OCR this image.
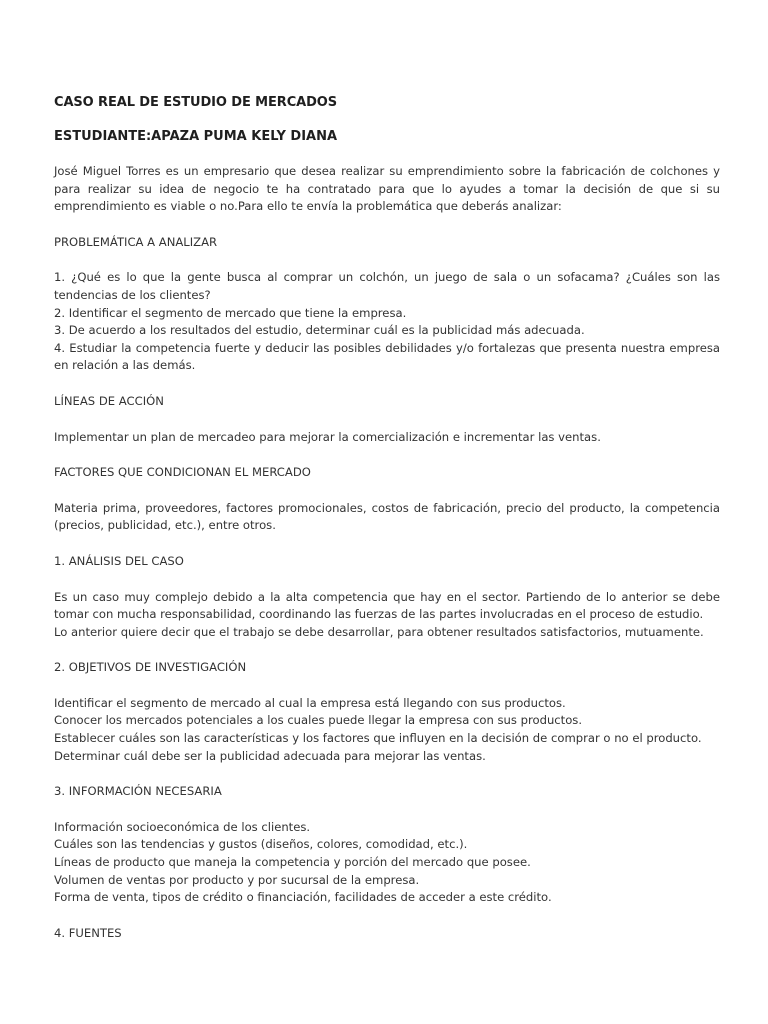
CASO REAL DE ESTUDIO DE MERCADOS
ESTUDIANTE:APAZA PUMA KELY DIANA

José Miguel Torres es un empresario que desea realizar su emprendimiento sobre la fabricación de colchones y para realizar su idea de negocio te ha contratado para que lo ayudes a tomar la decisión de que si su emprendimiento es viable o no.Para ello te envía la problemática que deberás analizar:

PROBLEMÁTICA A ANALIZAR
1. ¿Qué es lo que la gente busca al comprar un colchón, un juego de sala o un sofacama? ¿Cuáles son las tendencias de los clientes?
2. Identificar el segmento de mercado que tiene la empresa.
3. De acuerdo a los resultados del estudio, determinar cuál es la publicidad más adecuada.
4. Estudiar la competencia fuerte y deducir las posibles debilidades y/o fortalezas que presenta nuestra empresa en relación a las demás.
LÍNEAS DE ACCIÓN
Implementar un plan de mercadeo para mejorar la comercialización e incrementar las ventas.
FACTORES QUE CONDICIONAN EL MERCADO
Materia prima, proveedores, factores promocionales, costos de fabricación, precio del producto, la competencia (precios, publicidad, etc.), entre otros.
1. ANÁLISIS DEL CASO
Es un caso muy complejo debido a la alta competencia que hay en el sector. Partiendo de lo anterior se debe tomar con mucha responsabilidad, coordinando las fuerzas de las partes involucradas en el proceso de estudio.
Lo anterior quiere decir que el trabajo se debe desarrollar, para obtener resultados satisfactorios, mutuamente.
2. OBJETIVOS DE INVESTIGACIÓN
Identificar el segmento de mercado al cual la empresa está llegando con sus productos.
Conocer los mercados potenciales a los cuales puede llegar la empresa con sus productos.
Establecer cuáles son las características y los factores que influyen en la decisión de comprar o no el producto.
Determinar cuál debe ser la publicidad adecuada para mejorar las ventas.
3. INFORMACIÓN NECESARIA
Información socioeconómica de los clientes.
Cuáles son las tendencias y gustos (diseños, colores, comodidad, etc.).
Líneas de producto que maneja la competencia y porción del mercado que posee.
Volumen de ventas por producto y por sucursal de la empresa.
Forma de venta, tipos de crédito o financiación, facilidades de acceder a este crédito.
4. FUENTES
